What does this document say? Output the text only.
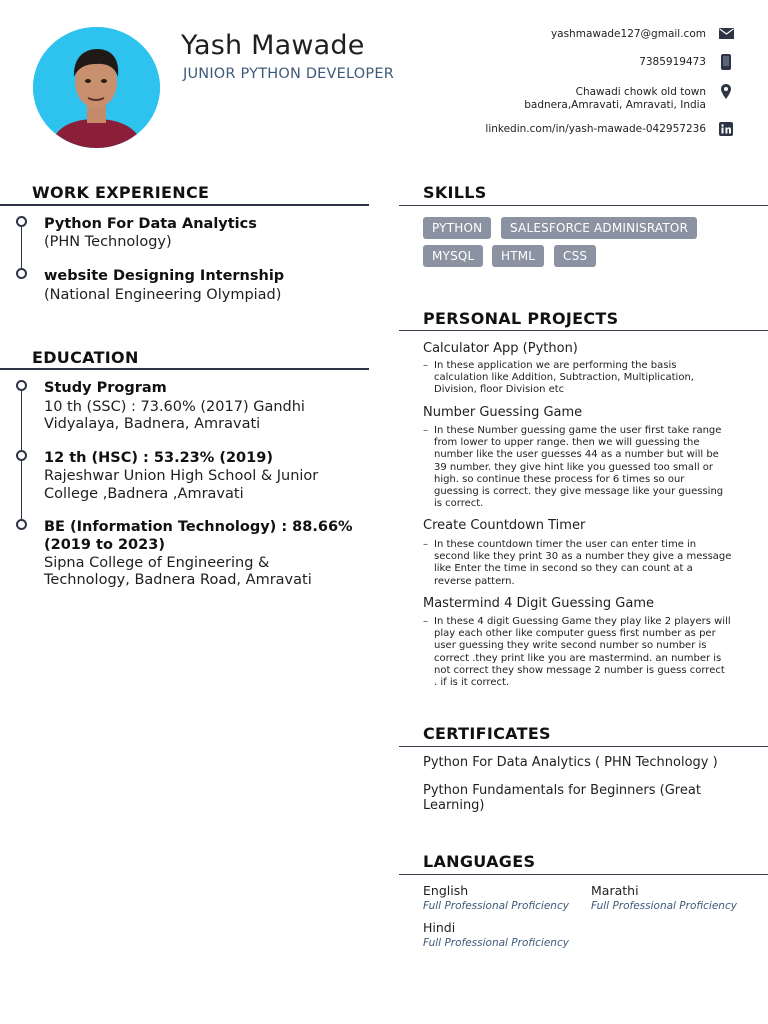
Yash Mawade
JUNIOR PYTHON DEVELOPER
yashmawade127@gmail.com
7385919473
Chawadi chowk old town
badnera,Amravati, Amravati, India
linkedin.com/in/yash-mawade-042957236
WORK EXPERIENCE
Python For Data Analytics
(PHN Technology)
website Designing Internship
(National Engineering Olympiad)
EDUCATION
Study Program
10 th (SSC) : 73.60% (2017) Gandhi
Vidyalaya, Badnera, Amravati
12 th (HSC) : 53.23% (2019)
Rajeshwar Union High School & Junior
College ,Badnera ,Amravati
BE (Information Technology) : 88.66%
(2019 to 2023)
Sipna College of Engineering &
Technology, Badnera Road, Amravati
SKILLS
PYTHON	SALESFORCE ADMINISRATOR
MYSQL	HTML	CSS
PERSONAL PROJECTS
Calculator App (Python)
– In these application we are performing the basis
calculation like Addition, Subtraction, Multiplication,
Division, floor Division etc
Number Guessing Game
– In these Number guessing game the user first take range
from lower to upper range. then we will guessing the
number like the user guesses 44 as a number but will be
39 number. they give hint like you guessed too small or
high. so continue these process for 6 times so our
guessing is correct. they give message like your guessing
is correct.
Create Countdown Timer
– In these countdown timer the user can enter time in
second like they print 30 as a number they give a message
like Enter the time in second so they can count at a
reverse pattern.
Mastermind 4 Digit Guessing Game
– In these 4 digit Guessing Game they play like 2 players will
play each other like computer guess first number as per
user guessing they write second number so number is
correct .they print like you are mastermind. an number is
not correct they show message 2 number is guess correct
. if is it correct.
CERTIFICATES
Python For Data Analytics ( PHN Technology )
Python Fundamentals for Beginners (Great
Learning)
LANGUAGES
English
Full Professional Proficiency
Marathi
Full Professional Proficiency
Hindi
Full Professional Proficiency
